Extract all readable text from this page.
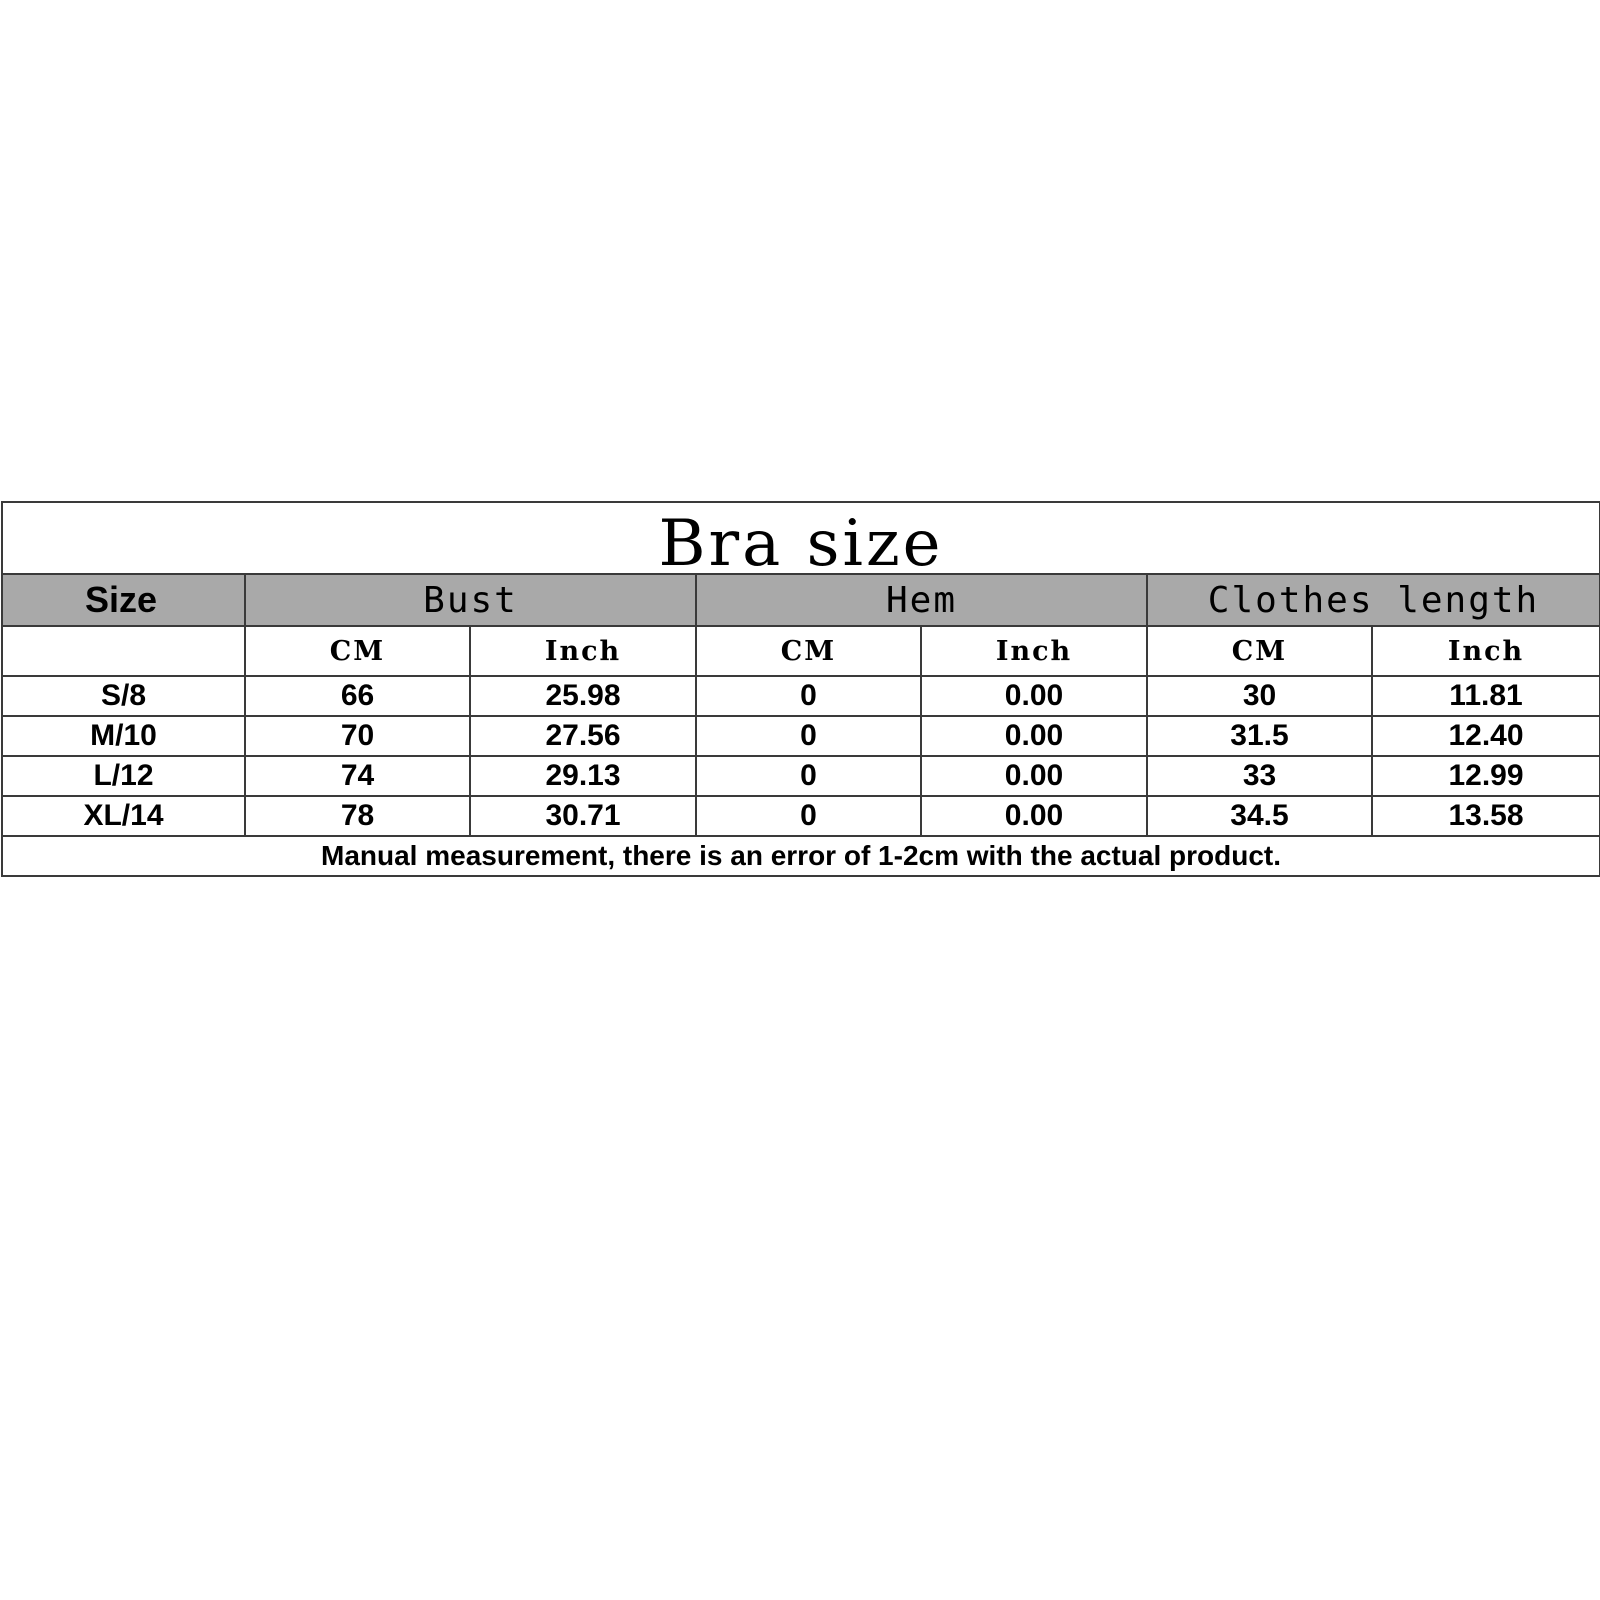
Bra size						
Size	Bust		Hem		Clothes length	
	CM	Inch	CM	Inch	CM	Inch
S/8	66	25.98	0	0.00	30	11.81
M/10	70	27.56	0	0.00	31.5	12.40
L/12	74	29.13	0	0.00	33	12.99
XL/14	78	30.71	0	0.00	34.5	13.58
Manual measurement, there is an error of 1-2cm with the actual product.						
